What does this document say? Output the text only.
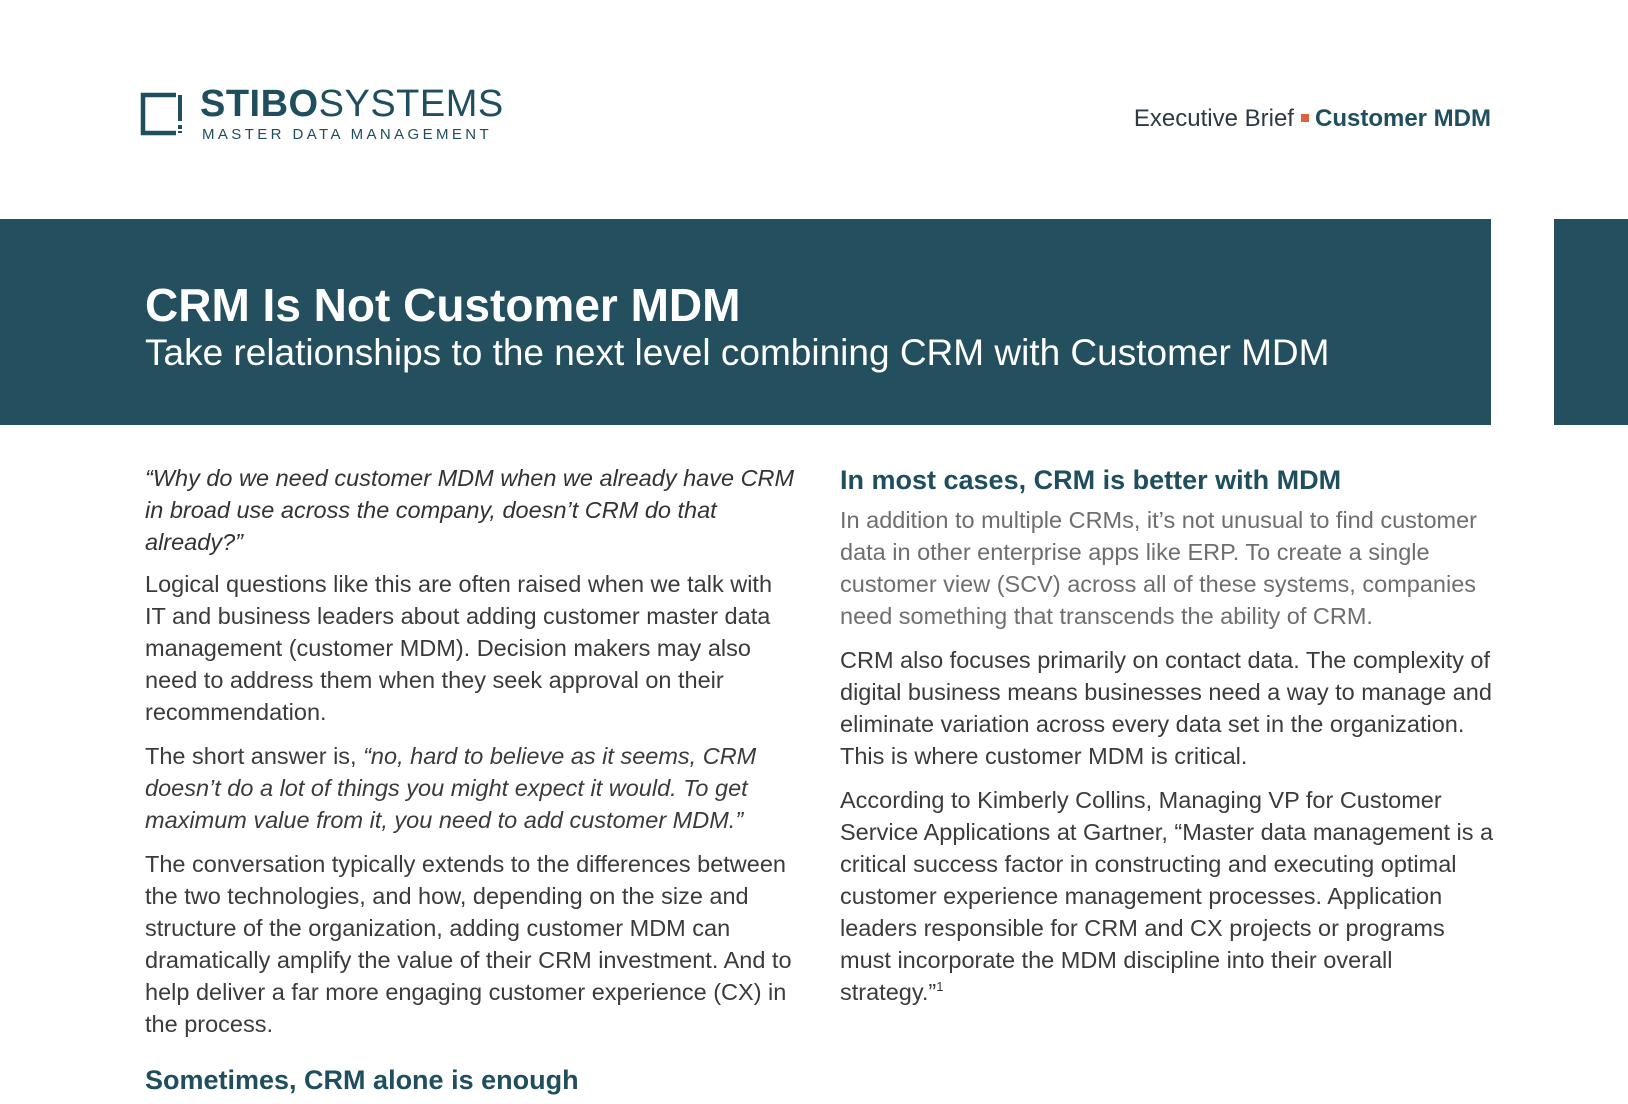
STIBOSYSTEMS
MASTER DATA MANAGEMENT
Executive Brief Customer MDM
CRM Is Not Customer MDM
Take relationships to the next level combining CRM with Customer MDM

“Why do we need customer MDM when we already have CRM in broad use across the company, doesn’t CRM do that already?”

Logical questions like this are often raised when we talk with IT and business leaders about adding customer master data management (customer MDM). Decision makers may also need to address them when they seek approval on their recommendation.

The short answer is, “no, hard to believe as it seems, CRM doesn’t do a lot of things you might expect it would. To get maximum value from it, you need to add customer MDM.”

The conversation typically extends to the differences between the two technologies, and how, depending on the size and structure of the organization, adding customer MDM can dramatically amplify the value of their CRM investment. And to help deliver a far more engaging customer experience (CX) in the process.

Sometimes, CRM alone is enough
In most cases, CRM is better with MDM

In addition to multiple CRMs, it’s not unusual to find customer data in other enterprise apps like ERP. To create a single customer view (SCV) across all of these systems, companies need something that transcends the ability of CRM.

CRM also focuses primarily on contact data. The complexity of digital business means businesses need a way to manage and eliminate variation across every data set in the organization. This is where customer MDM is critical.

According to Kimberly Collins, Managing VP for Customer Service Applications at Gartner, “Master data management is a critical success factor in constructing and executing optimal customer experience management processes. Application leaders responsible for CRM and CX projects or programs must incorporate the MDM discipline into their overall strategy.”$^1$
